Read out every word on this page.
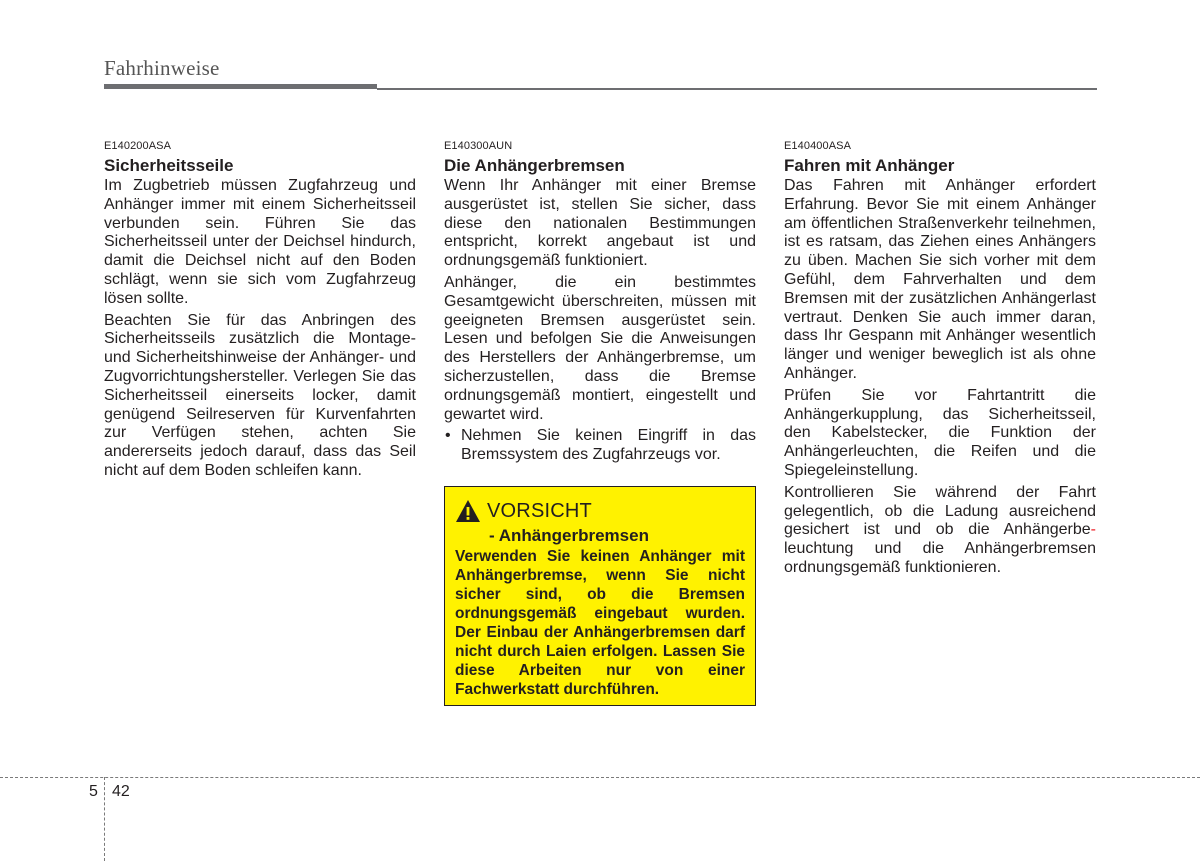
Fahrhinweise
E140200ASA
Sicherheitsseile

Im Zugbetrieb müssen Zugfahrzeug und Anhänger immer mit einem Sicherheitsseil verbunden sein. Führen Sie das Sicherheitsseil unter der Deichsel hindurch, damit die Deichsel nicht auf den Boden schlägt, wenn sie sich vom Zugfahrzeug lösen sollte.

Beachten Sie für das Anbringen des Sicherheitsseils zusätzlich die Montage- und Sicherheitshinweise der Anhänger- und Zugvorrichtungshersteller. Verlegen Sie das Sicherheitsseil einerseits locker, damit genügend Seilreserven für Kurvenfahrten zur Verfügen stehen, achten Sie andererseits jedoch darauf, dass das Seil nicht auf dem Boden schleifen kann.

E140300AUN
Die Anhängerbremsen

Wenn Ihr Anhänger mit einer Bremse ausgerüstet ist, stellen Sie sicher, dass diese den nationalen Bestimmungen entspricht, korrekt angebaut ist und ordnungsgemäß funktioniert.

Anhänger, die ein bestimmtes Gesamtgewicht überschreiten, müssen mit geeigneten Bremsen ausgerüstet sein. Lesen und befolgen Sie die Anweisungen des Herstellers der Anhängerbremse, um sicherzustellen, dass die Bremse ordnungsgemäß montiert, eingestellt und gewartet wird.

• Nehmen Sie keinen Eingriff in das Bremssystem des Zugfahrzeugs vor.
VORSICHT
- Anhängerbremsen
Verwenden Sie keinen Anhänger mit Anhängerbremse, wenn Sie nicht sicher sind, ob die Bremsen ordnungsgemäß eingebaut wurden. Der Einbau der Anhängerbremsen darf nicht durch Laien erfolgen. Lassen Sie diese Arbeiten nur von einer Fachwerkstatt durchführen.
E140400ASA
Fahren mit Anhänger

Das Fahren mit Anhänger erfordert Erfahrung. Bevor Sie mit einem Anhänger am öffentlichen Straßenverkehr teilnehmen, ist es ratsam, das Ziehen eines Anhängers zu üben. Machen Sie sich vorher mit dem Gefühl, dem Fahrverhalten und dem Bremsen mit der zusätzlichen Anhängerlast vertraut. Denken Sie auch immer daran, dass Ihr Gespann mit Anhänger wesentlich länger und weniger beweglich ist als ohne Anhänger.

Prüfen Sie vor Fahrtantritt die Anhängerkupplung, das Sicherheitsseil, den Kabelstecker, die Funktion der Anhängerleuchten, die Reifen und die Spiegeleinstellung.

Kontrollieren Sie während der Fahrt gelegentlich, ob die Ladung ausreichend gesichert ist und ob die Anhängerbe- leuchtung und die Anhängerbremsen ordnungsgemäß funktionieren.

5 42
